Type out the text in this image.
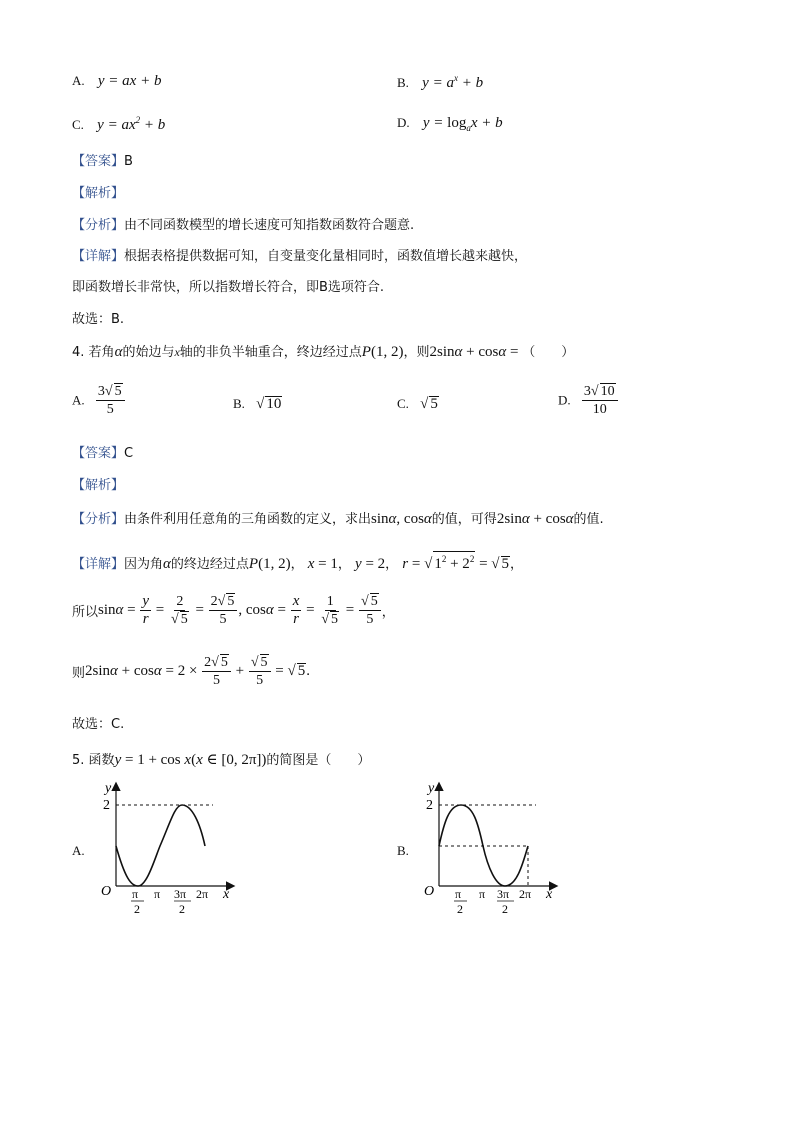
A. y = ax + b	B. $y = a^x + b$
C. $y = ax^2 + b$	D. $y = \log_ax + b$
【答案】B
【解析】
【分析】由不同函数模型的增长速度可知指数函数符合题意.
【详解】根据表格提供数据可知，自变量变化量相同时，函数值增长越来越快，
即函数增长非常快，所以指数增长符合，即B选项符合.
故选：B.
4. 若角α的始边与x轴的非负半轴重合，终边经过点P(1, 2)，则2sinα + cosα = （　　）
A. $\frac{3√ 5}{5}$	B. √ 10	C. √ 5	D. $\frac{3√ 10}{10}$
【答案】C
【解析】
【分析】由条件利用任意角的三角函数的定义，求出sinα, cosα的值，可得2sinα + cosα的值.
【详解】因为角α的终边经过点P(1, 2)， x = 1， y = 2， r = √ $1^2 + 2^2$ = √ 5，
所以$\sin\alpha = \frac{y}{r} = \frac{2}{√ 5} = \frac{2√ 5}{5}$ , $\cos\alpha = \frac{x}{r} = \frac{1}{√ 5} = \frac{√ 5}{5}$ ，
则$2\sin\alpha + \cos\alpha = 2 \times \frac{2√ 5}{5} + \frac{√ 5}{5}$ = √ 5.
故选：C.
5. 函数y = 1 + cos x(x ∈ [0, 2π])的简图是（　　）
A.
y
2
O π
2
π 3π
2
2π x
B.
y
2
O π
2
π 3π
2
2π x
